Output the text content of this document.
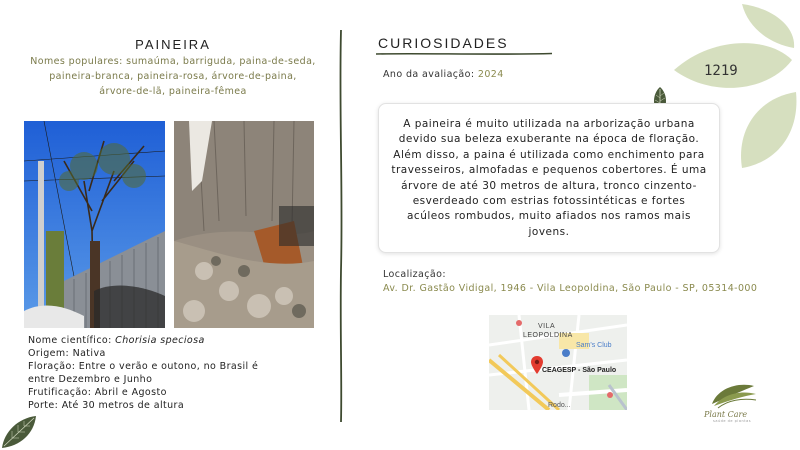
PAINEIRA
Nomes populares: sumaúma, barriguda, paina-de-seda,
paineira-branca, paineira-rosa, árvore-de-paina,
árvore-de-lã, paineira-fêmea
Nome científico: Chorisia speciosa
Origem: Nativa
Floração: Entre o verão e outono, no Brasil é
entre Dezembro e Junho
Frutificação: Abril e Agosto
Porte: Até 30 metros de altura
CURIOSIDADES
Ano da avaliação: 2024	1219
A paineira é muito utilizada na arborização urbana devido sua beleza exuberante na época de floração. Além disso, a paina é utilizada como enchimento para travesseiros, almofadas e pequenos cobertores. É uma árvore de até 30 metros de altura, tronco cinzento-esverdeado com estrias fotossintéticas e fortes acúleos rombudos, muito afiados nos ramos mais jovens.
Localização:
Av. Dr. Gastão Vidigal, 1946 - Vila Leopoldina, São Paulo - SP, 05314-000
VILA
LEOPOLDINA
Sam's Club
CEAGESP - São Paulo
Rodo...
Plant Care
saúde de plantas
